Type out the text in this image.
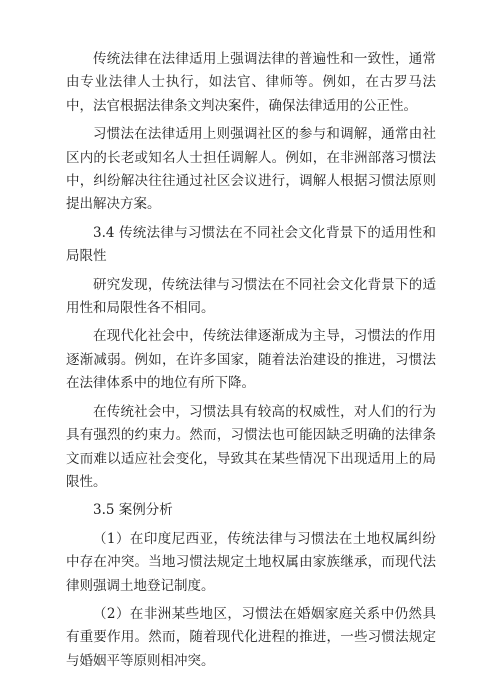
传统法律在法律适用上强调法律的普遍性和一致性，通常由专业法律人士执行，如法官、律师等。例如，在古罗马法中，法官根据法律条文判决案件，确保法律适用的公正性。

习惯法在法律适用上则强调社区的参与和调解，通常由社区内的长老或知名人士担任调解人。例如，在非洲部落习惯法中，纠纷解决往往通过社区会议进行，调解人根据习惯法原则提出解决方案。

3.4 传统法律与习惯法在不同社会文化背景下的适用性和局限性

研究发现，传统法律与习惯法在不同社会文化背景下的适用性和局限性各不相同。

在现代化社会中，传统法律逐渐成为主导，习惯法的作用逐渐减弱。例如，在许多国家，随着法治建设的推进，习惯法在法律体系中的地位有所下降。

在传统社会中，习惯法具有较高的权威性，对人们的行为具有强烈的约束力。然而，习惯法也可能因缺乏明确的法律条文而难以适应社会变化，导致其在某些情况下出现适用上的局限性。

3.5 案例分析

（1）在印度尼西亚，传统法律与习惯法在土地权属纠纷中存在冲突。当地习惯法规定土地权属由家族继承，而现代法律则强调土地登记制度。

（2）在非洲某些地区，习惯法在婚姻家庭关系中仍然具有重要作用。然而，随着现代化进程的推进，一些习惯法规定与婚姻平等原则相冲突。
